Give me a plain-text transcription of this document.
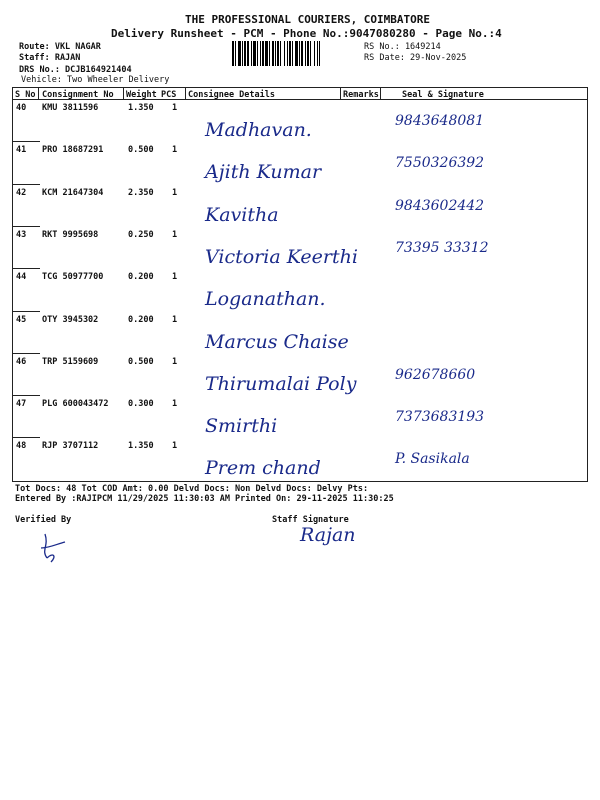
THE PROFESSIONAL COURIERS, COIMBATORE
Delivery Runsheet - PCM - Phone No.:9047080280 - Page No.:4
Route: VKL NAGAR
Staff: RAJAN
DRS No.: DCJB164921404
Vehicle: Two Wheeler Delivery
RS No.: 1649214
RS Date: 29-Nov-2025
S No Consignment No Weight PCS Consignee Details	Remarks	Seal & Signature
40 KMU 3811596	1.350 1
Madhavan.	9843648081
41 PRO 18687291	0.500 1
Ajith Kumar	7550326392
42 KCM 21647304	2.350 1
Kavitha	9843602442
43 RKT 9995698	0.250 1
Victoria Keerthi	73395 33312
44 TCG 50977700	0.200 1
Loganathan.
45 OTY 3945302	0.200 1
Marcus Chaise
46 TRP 5159609	0.500 1
Thirumalai Poly	962678660
47 PLG 600043472 0.300 1
Smirthi	7373683193
48 RJP 3707112	1.350 1
Prem chand	P. Sasikala
Tot Docs: 48 Tot COD Amt: 0.00 Delvd Docs: Non Delvd Docs: Delvy Pts:
Entered By :RAJIPCM 11/29/2025 11:30:03 AM Printed On: 29-11-2025 11:30:25
Verified By	Staff Signature
Rajan
